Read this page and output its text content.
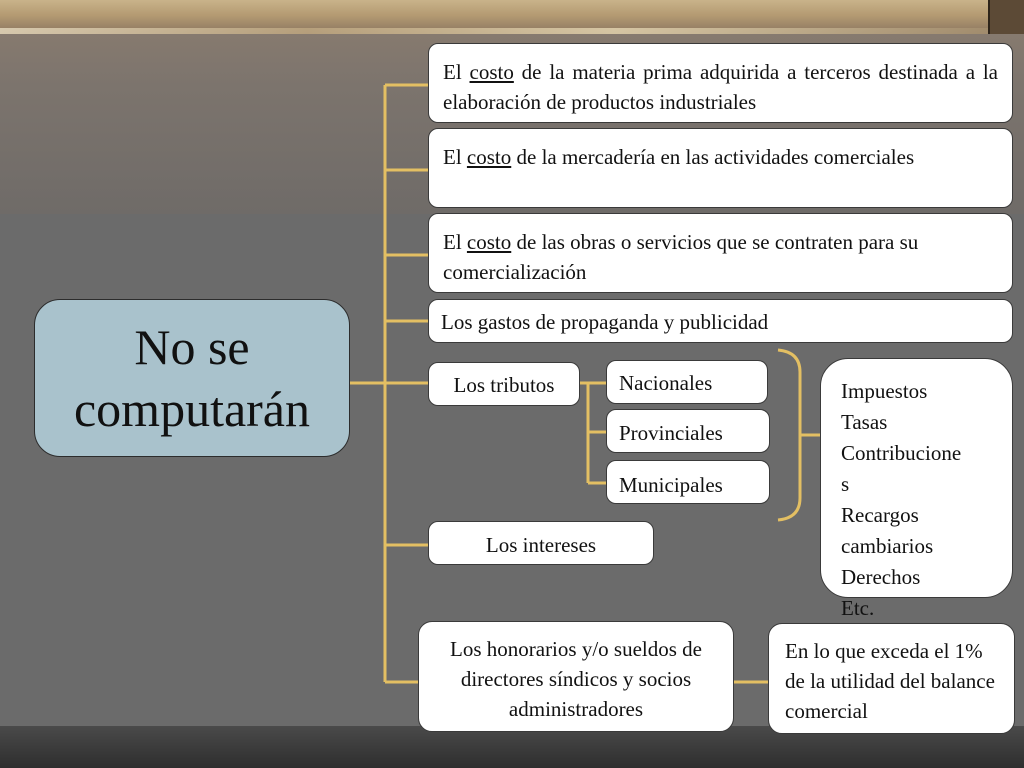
No se
computarán
El costo de la materia prima adquirida a terceros destinada a la elaboración de productos industriales
El costo de la mercadería en las actividades comerciales
El costo de las obras o servicios que se contraten para su comercialización
Los gastos de propaganda y publicidad
Los tributos	Nacionales
Provinciales
Municipales
Impuestos
Tasas
Contribucione
s
Recargos
cambiarios
Derechos
Etc.
Los intereses
Los honorarios y/o sueldos de directores síndicos y socios administradores
En lo que exceda el 1% de la utilidad del balance comercial
